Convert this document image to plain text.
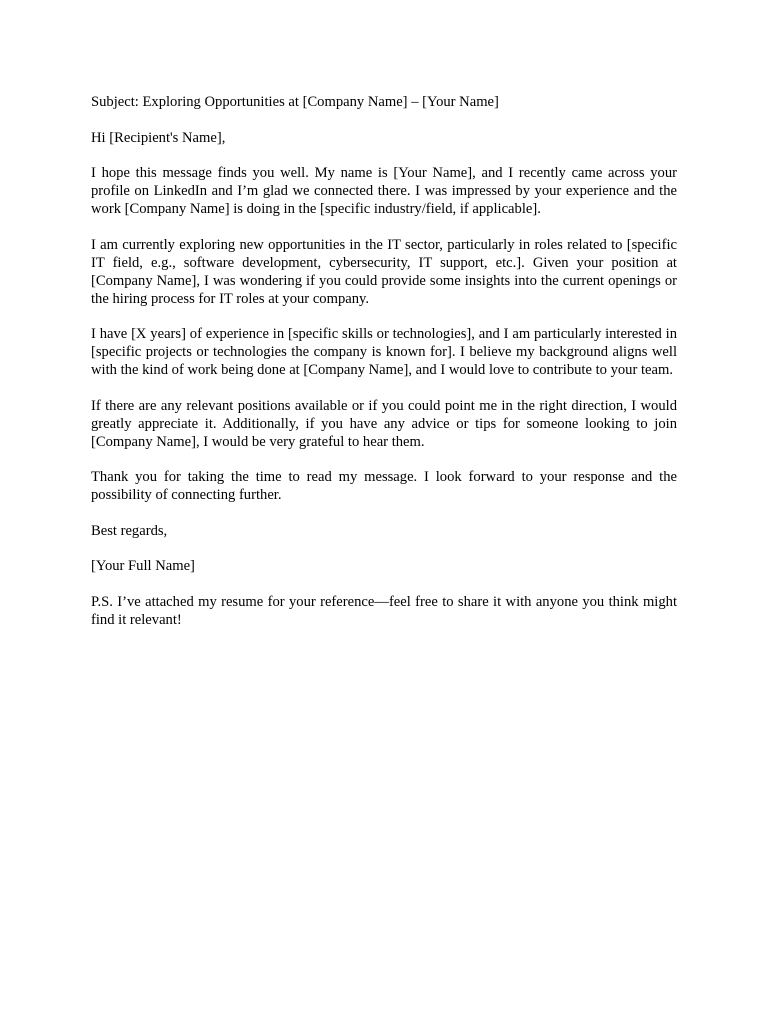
Subject: Exploring Opportunities at [Company Name] – [Your Name]

Hi [Recipient's Name],

I hope this message finds you well. My name is [Your Name], and I recently came across your profile on LinkedIn and I’m glad we connected there. I was impressed by your experience and the work [Company Name] is doing in the [specific industry/field, if applicable].

I am currently exploring new opportunities in the IT sector, particularly in roles related to [specific IT field, e.g., software development, cybersecurity, IT support, etc.]. Given your position at [Company Name], I was wondering if you could provide some insights into the current openings or the hiring process for IT roles at your company.

I have [X years] of experience in [specific skills or technologies], and I am particularly interested in [specific projects or technologies the company is known for]. I believe my background aligns well with the kind of work being done at [Company Name], and I would love to contribute to your team.

If there are any relevant positions available or if you could point me in the right direction, I would greatly appreciate it. Additionally, if you have any advice or tips for someone looking to join [Company Name], I would be very grateful to hear them.

Thank you for taking the time to read my message. I look forward to your response and the possibility of connecting further.

Best regards,

[Your Full Name]

P.S. I’ve attached my resume for your reference—feel free to share it with anyone you think might find it relevant!
